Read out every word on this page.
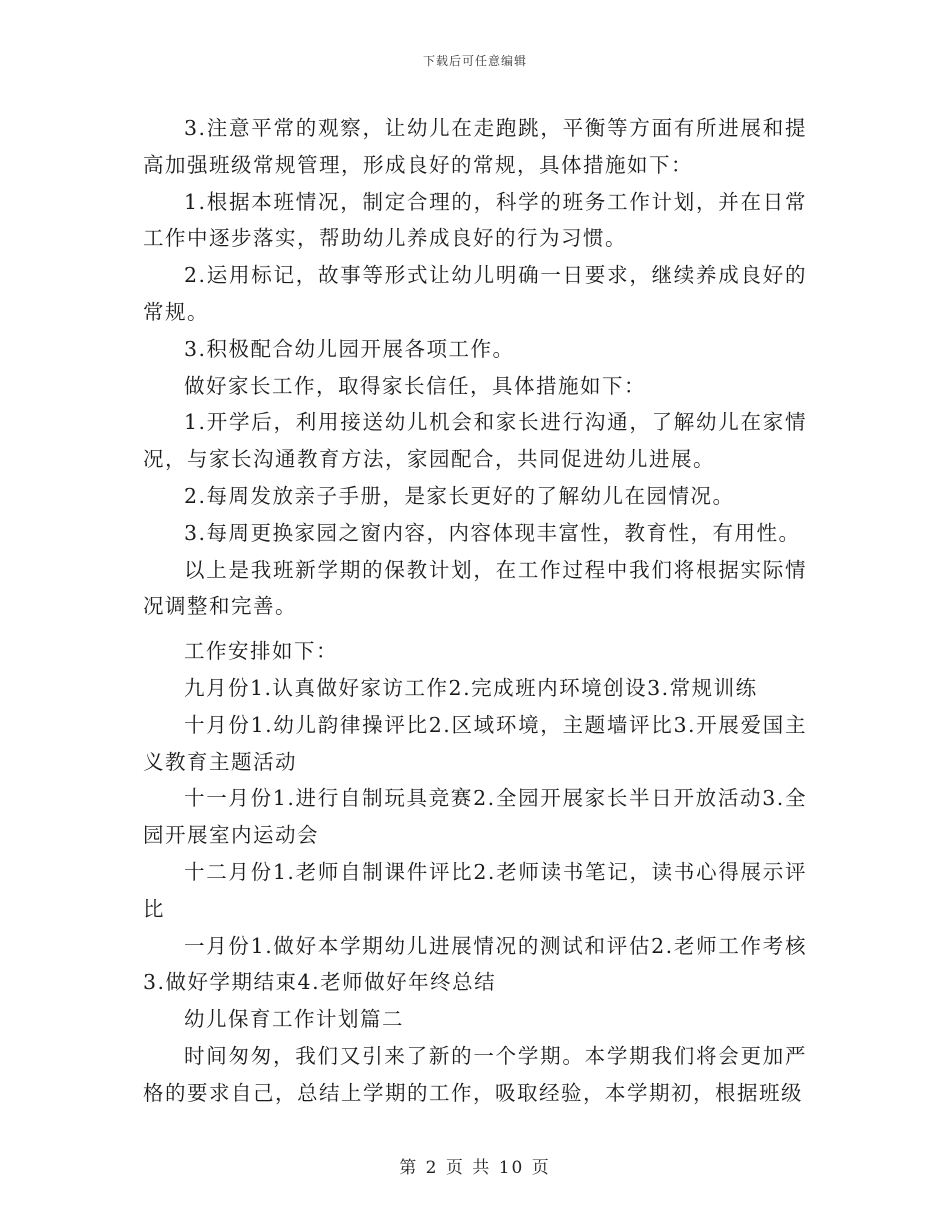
下载后可任意编辑

3.注意平常的观察，让幼儿在走跑跳，平衡等方面有所进展和提高加强班级常规管理，形成良好的常规，具体措施如下：

1.根据本班情况，制定合理的，科学的班务工作计划，并在日常工作中逐步落实，帮助幼儿养成良好的行为习惯。

2.运用标记，故事等形式让幼儿明确一日要求，继续养成良好的常规。

3.积极配合幼儿园开展各项工作。

做好家长工作，取得家长信任，具体措施如下：

1.开学后，利用接送幼儿机会和家长进行沟通，了解幼儿在家情况，与家长沟通教育方法，家园配合，共同促进幼儿进展。

2.每周发放亲子手册，是家长更好的了解幼儿在园情况。

3.每周更换家园之窗内容，内容体现丰富性，教育性，有用性。

以上是我班新学期的保教计划，在工作过程中我们将根据实际情况调整和完善。

工作安排如下：

九月份1.认真做好家访工作2.完成班内环境创设3.常规训练

十月份1.幼儿韵律操评比2.区域环境，主题墙评比3.开展爱国主义教育主题活动

十一月份1.进行自制玩具竞赛2.全园开展家长半日开放活动3.全园开展室内运动会

十二月份1.老师自制课件评比2.老师读书笔记，读书心得展示评比

一月份1.做好本学期幼儿进展情况的测试和评估2.老师工作考核3.做好学期结束4.老师做好年终总结

幼儿保育工作计划篇二

时间匆匆，我们又引来了新的一个学期。本学期我们将会更加严格的要求自己，总结上学期的工作，吸取经验，本学期初，根据班级

第 2 页 共 10 页
